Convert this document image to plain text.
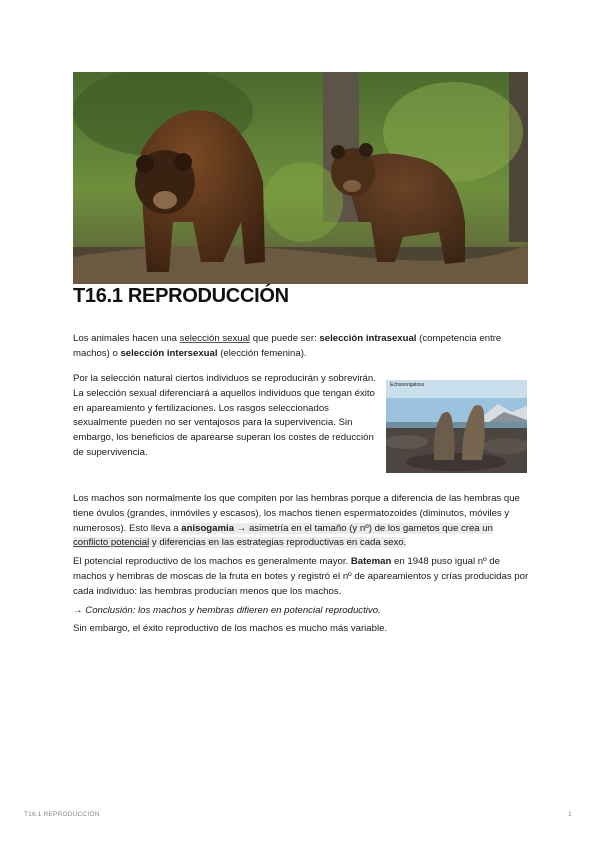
T16.1 REPRODUCCIÓN

Los animales hacen una selección sexual que puede ser: selección intrasexual (competencia entre machos) o selección intersexual (elección femenina).

Por la selección natural ciertos individuos se reproducirán y sobrevirán. La selección sexual diferenciará a aquellos individuos que tengan éxito en apareamiento y fertilizaciones. Los rasgos seleccionados sexualmente pueden no ser ventajosos para la supervivencia. Sin embargo, los beneficios de aparearse superan los costes de reducción de supervivencia.

Echooongaloss

Los machos son normalmente los que compiten por las hembras porque a diferencia de las hembras que tiene óvulos (grandes, inmóviles y escasos), los machos tienen espermatozoides (diminutos, móviles y numerosos). Esto lleva a anisogamia → asimetría en el tamaño (y nº) de los gametos que crea un conflicto potencial y diferencias en las estrategias reproductivas en cada sexo.

El potencial reproductivo de los machos es generalmente mayor. Bateman en 1948 puso igual nº de machos y hembras de moscas de la fruta en botes y registró el nº de apareamientos y crías producidas por cada individuo: las hembras producían menos que los machos.

→ Conclusión: los machos y hembras difieren en potencial reproductivo.

Sin embargo, el éxito reproductivo de los machos es mucho más variable.

T16.1 REPRODUCCIÓN	1
